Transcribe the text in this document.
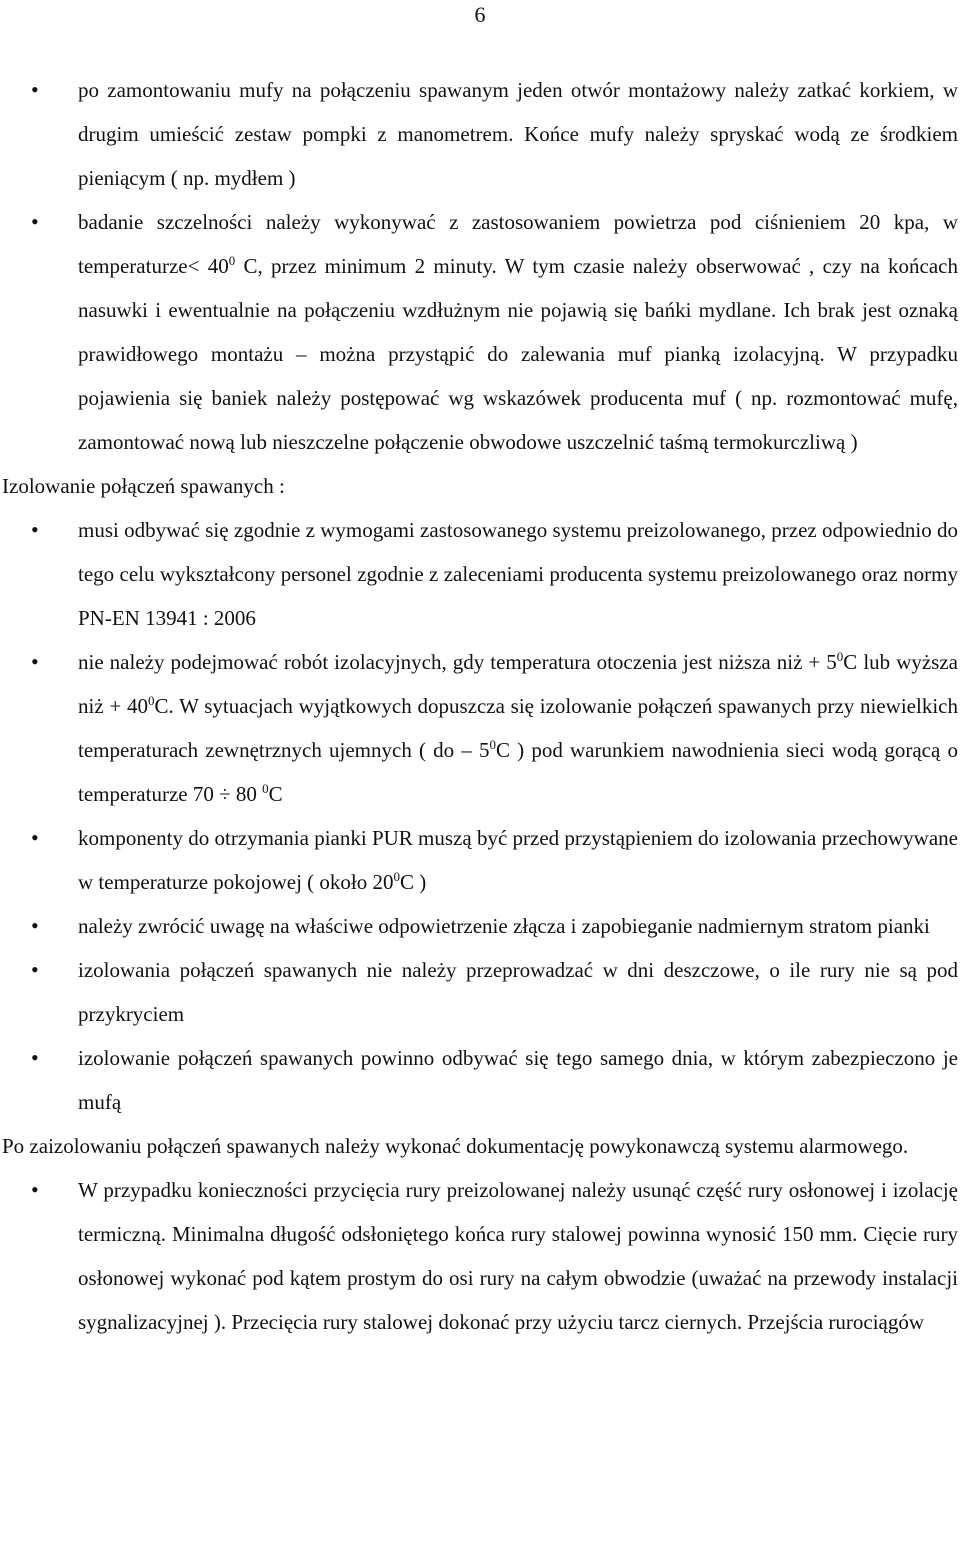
6
• po zamontowaniu mufy na połączeniu spawanym jeden otwór montażowy należy zatkać korkiem, w drugim umieścić zestaw pompki z manometrem. Końce mufy należy spryskać wodą ze środkiem pieniącym ( np. mydłem )
• badanie szczelności należy wykonywać z zastosowaniem powietrza pod ciśnieniem 20 kpa, w temperaturze< $40^0$ C, przez minimum 2 minuty. W tym czasie należy obserwować , czy na końcach nasuwki i ewentualnie na połączeniu wzdłużnym nie pojawią się bańki mydlane. Ich brak jest oznaką prawidłowego montażu – można przystąpić do zalewania muf pianką izolacyjną. W przypadku pojawienia się baniek należy postępować wg wskazówek producenta muf ( np. rozmontować mufę, zamontować nową lub nieszczelne połączenie obwodowe uszczelnić taśmą termokurczliwą )

Izolowanie połączeń spawanych :

• musi odbywać się zgodnie z wymogami zastosowanego systemu preizolowanego, przez odpowiednio do tego celu wykształcony personel zgodnie z zaleceniami producenta systemu preizolowanego oraz normy PN-EN 13941 : 2006
• nie należy podejmować robót izolacyjnych, gdy temperatura otoczenia jest niższa niż + $5^0C$ lub wyższa niż + $40^0C$. W sytuacjach wyjątkowych dopuszcza się izolowanie połączeń spawanych przy niewielkich temperaturach zewnętrznych ujemnych ( do – $5^0C$ ) pod warunkiem nawodnienia sieci wodą gorącą o temperaturze 70 ÷ 80 $^0$C
• komponenty do otrzymania pianki PUR muszą być przed przystąpieniem do izolowania przechowywane w temperaturze pokojowej ( około $20^0C$ )
• należy zwrócić uwagę na właściwe odpowietrzenie złącza i zapobieganie nadmiernym stratom pianki
• izolowania połączeń spawanych nie należy przeprowadzać w dni deszczowe, o ile rury nie są pod przykryciem
• izolowanie połączeń spawanych powinno odbywać się tego samego dnia, w którym zabezpieczono je mufą

Po zaizolowaniu połączeń spawanych należy wykonać dokumentację powykonawczą systemu alarmowego.

• W przypadku konieczności przycięcia rury preizolowanej należy usunąć część rury osłonowej i izolację termiczną. Minimalna długość odsłoniętego końca rury stalowej powinna wynosić 150 mm. Cięcie rury osłonowej wykonać pod kątem prostym do osi rury na całym obwodzie (uważać na przewody instalacji sygnalizacyjnej ). Przecięcia rury stalowej dokonać przy użyciu tarcz ciernych. Przejścia rurociągów
